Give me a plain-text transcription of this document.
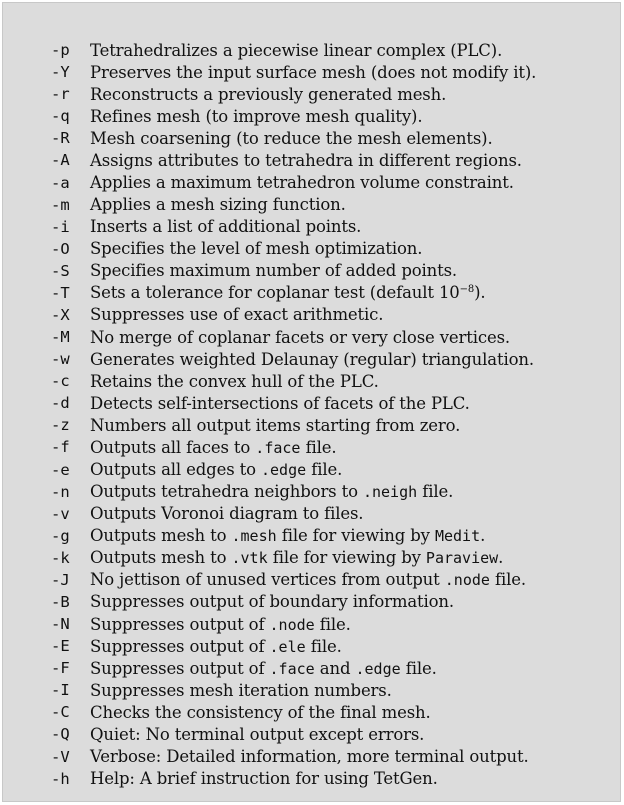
-p	Tetrahedralizes a piecewise linear complex (PLC).
-Y	Preserves the input surface mesh (does not modify it).
-r	Reconstructs a previously generated mesh.
-q	Refines mesh (to improve mesh quality).
-R	Mesh coarsening (to reduce the mesh elements).
-A	Assigns attributes to tetrahedra in different regions.
-a	Applies a maximum tetrahedron volume constraint.
-m	Applies a mesh sizing function.
-i	Inserts a list of additional points.
-O	Specifies the level of mesh optimization.
-S	Specifies maximum number of added points.
-T	Sets a tolerance for coplanar test (default $10^{-8}$).
-X	Suppresses use of exact arithmetic.
-M	No merge of coplanar facets or very close vertices.
-w	Generates weighted Delaunay (regular) triangulation.
-c	Retains the convex hull of the PLC.
-d	Detects self-intersections of facets of the PLC.
-z	Numbers all output items starting from zero.
-f	Outputs all faces to .face file.
-e	Outputs all edges to .edge file.
-n	Outputs tetrahedra neighbors to .neigh file.
-v	Outputs Voronoi diagram to files.
-g	Outputs mesh to .mesh file for viewing by Medit.
-k	Outputs mesh to .vtk file for viewing by Paraview.
-J	No jettison of unused vertices from output .node file.
-B	Suppresses output of boundary information.
-N	Suppresses output of .node file.
-E	Suppresses output of .ele file.
-F	Suppresses output of .face and .edge file.
-I	Suppresses mesh iteration numbers.
-C	Checks the consistency of the final mesh.
-Q	Quiet: No terminal output except errors.
-V	Verbose: Detailed information, more terminal output.
-h	Help: A brief instruction for using TetGen.
